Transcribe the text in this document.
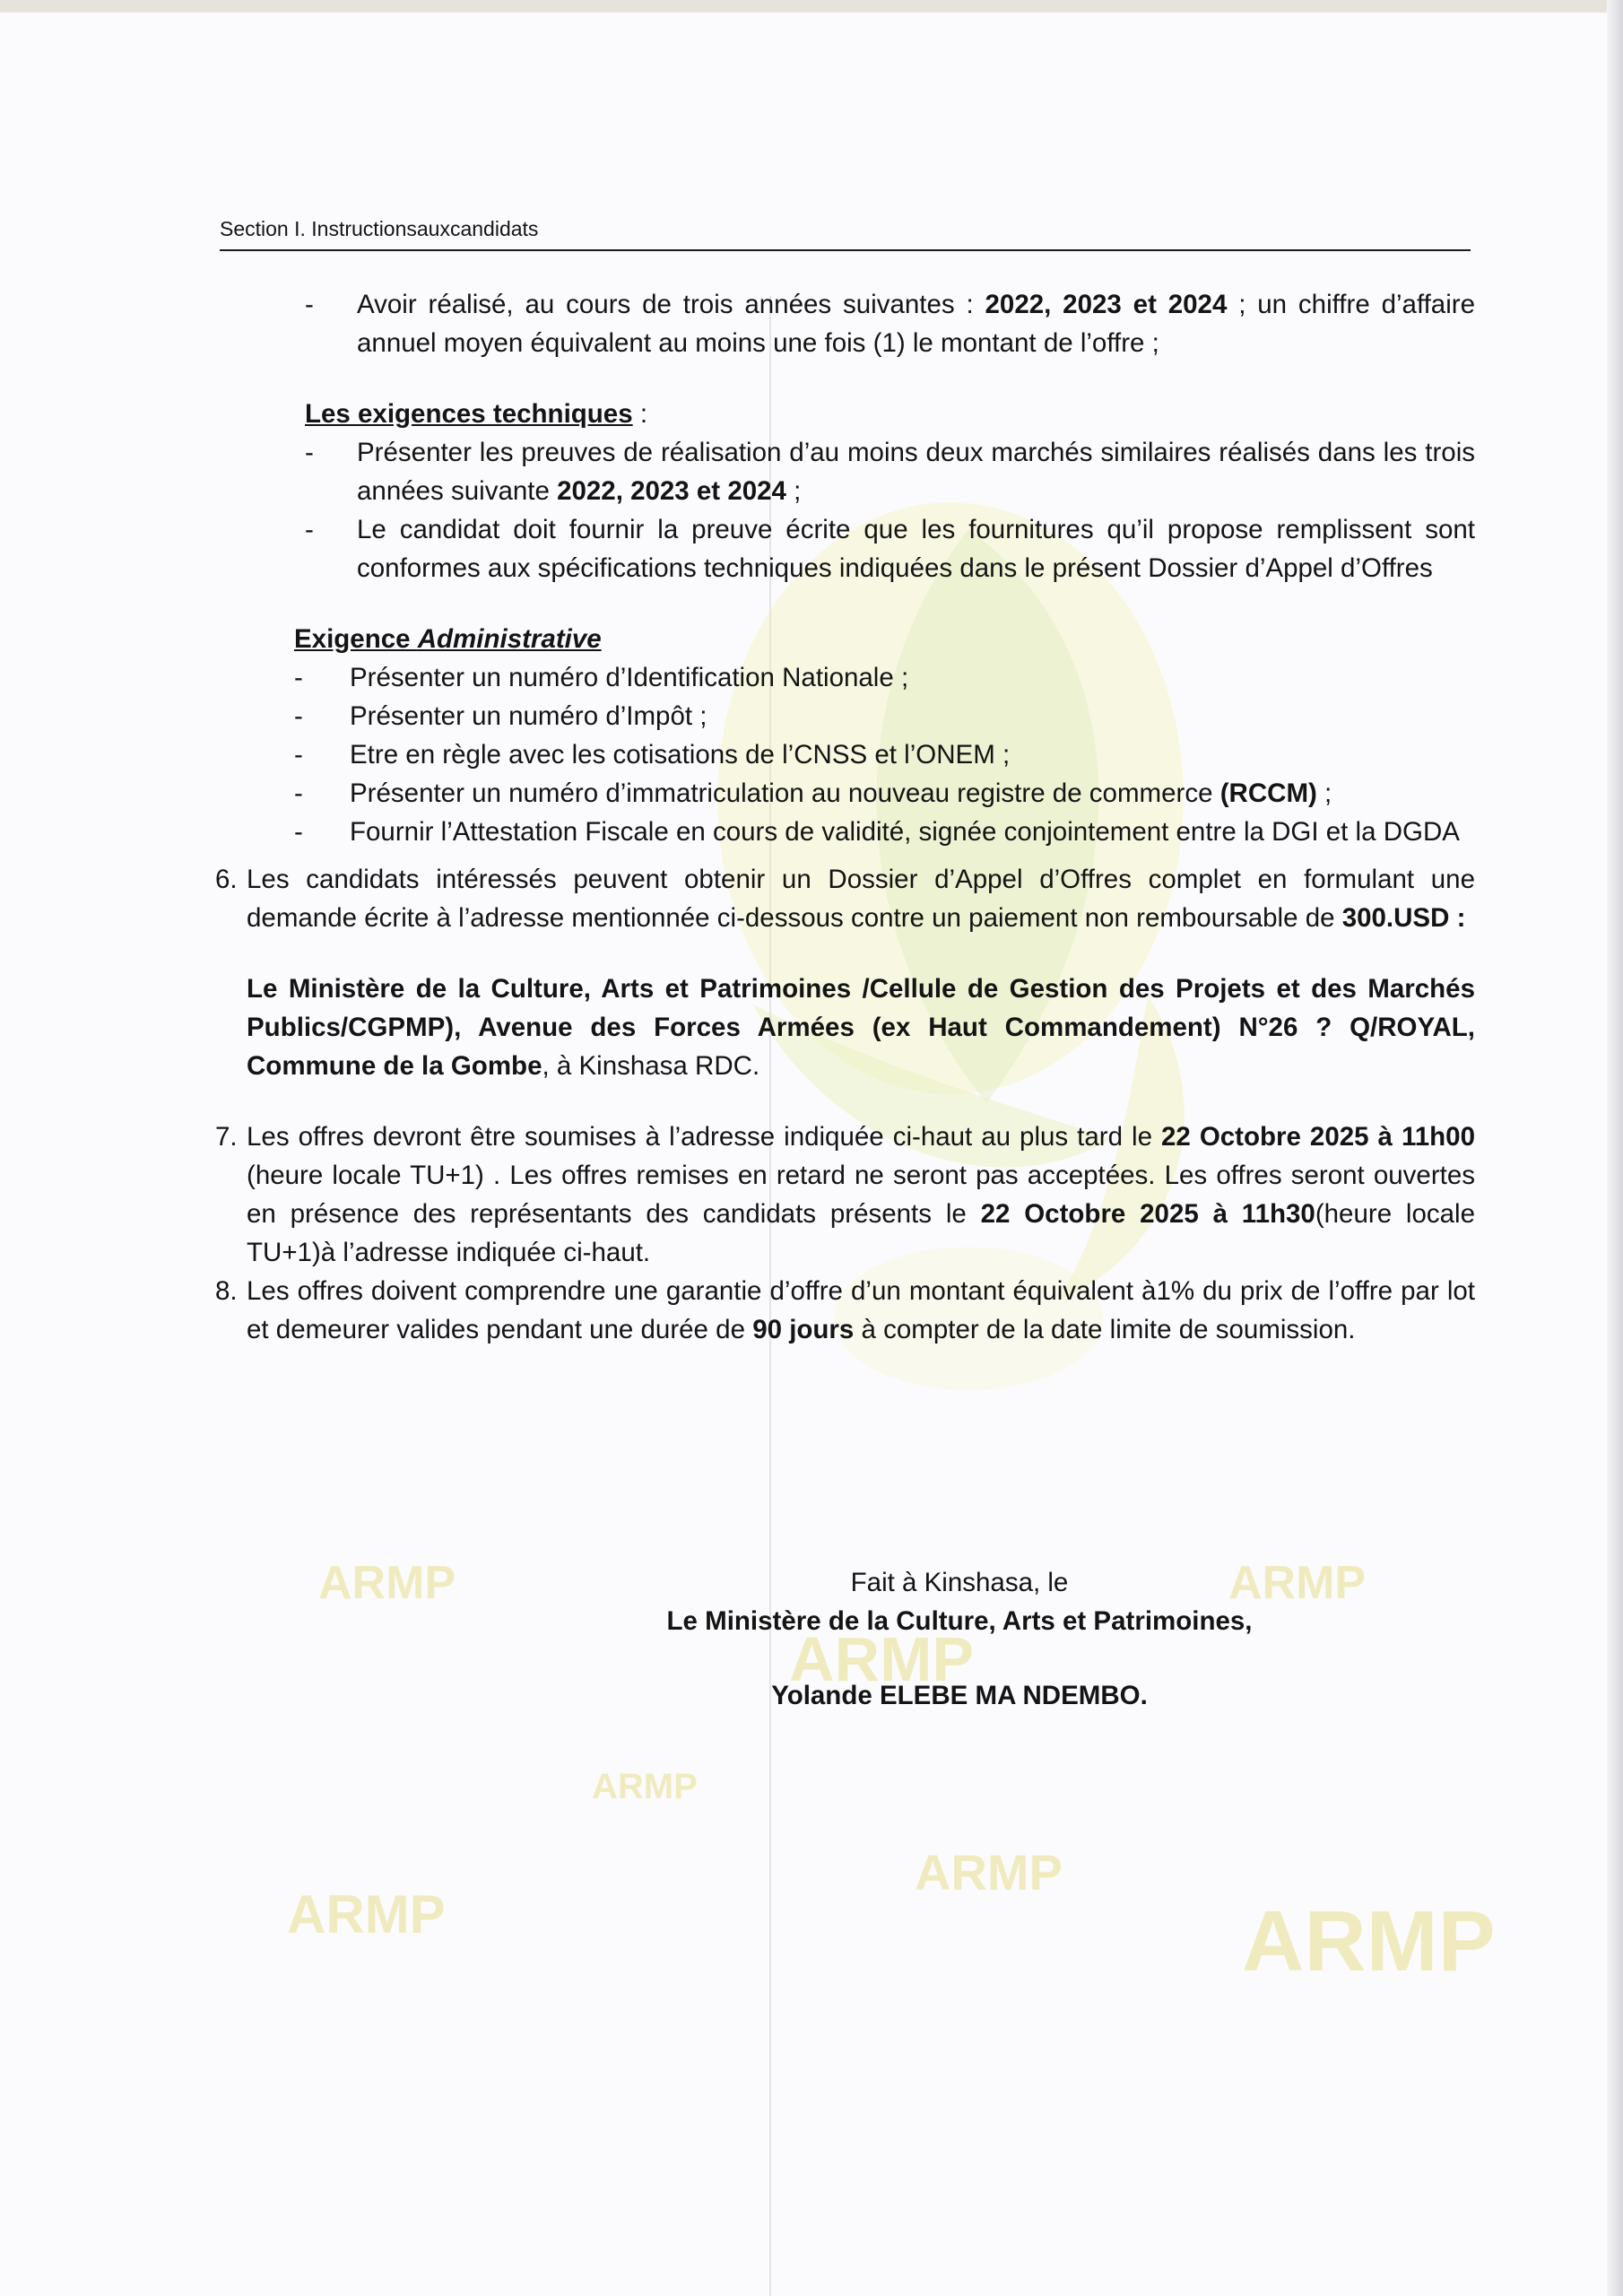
ARMP	ARMP
ARMP
ARMP
ARMP
ARMP	ARMP
Section I. Instructionsauxcandidats
- Avoir réalisé, au cours de trois années suivantes : 2022, 2023 et 2024 ; un chiffre d’affaire annuel moyen équivalent au moins une fois (1) le montant de l’offre ;
Les exigences techniques :
- Présenter les preuves de réalisation d’au moins deux marchés similaires réalisés dans les trois années suivante 2022, 2023 et 2024 ;
- Le candidat doit fournir la preuve écrite que les fournitures qu’il propose remplissent sont conformes aux spécifications techniques indiquées dans le présent Dossier d’Appel d’Offres
Exigence Administrative
- Présenter un numéro d’Identification Nationale ;
- Présenter un numéro d’Impôt ;
- Etre en règle avec les cotisations de l’CNSS et l’ONEM ;
- Présenter un numéro d’immatriculation au nouveau registre de commerce (RCCM) ;
- Fournir l’Attestation Fiscale en cours de validité, signée conjointement entre la DGI et la DGDA
6. Les candidats intéressés peuvent obtenir un Dossier d’Appel d’Offres complet en formulant une demande écrite à l’adresse mentionnée ci-dessous contre un paiement non remboursable de 300.USD :
Le Ministère de la Culture, Arts et Patrimoines /Cellule de Gestion des Projets et des Marchés Publics/CGPMP), Avenue des Forces Armées (ex Haut Commandement) N°26 ? Q/ROYAL, Commune de la Gombe, à Kinshasa RDC.
7. Les offres devront être soumises à l’adresse indiquée ci-haut au plus tard le 22 Octobre 2025 à 11h00 (heure locale TU+1) . Les offres remises en retard ne seront pas acceptées. Les offres seront ouvertes en présence des représentants des candidats présents le 22 Octobre 2025 à 11h30(heure locale TU+1)à l’adresse indiquée ci-haut.
8. Les offres doivent comprendre une garantie d’offre d’un montant équivalent à1% du prix de l’offre par lot et demeurer valides pendant une durée de 90 jours à compter de la date limite de soumission.
Fait à Kinshasa, le
Le Ministère de la Culture, Arts et Patrimoines,
Yolande ELEBE MA NDEMBO.
